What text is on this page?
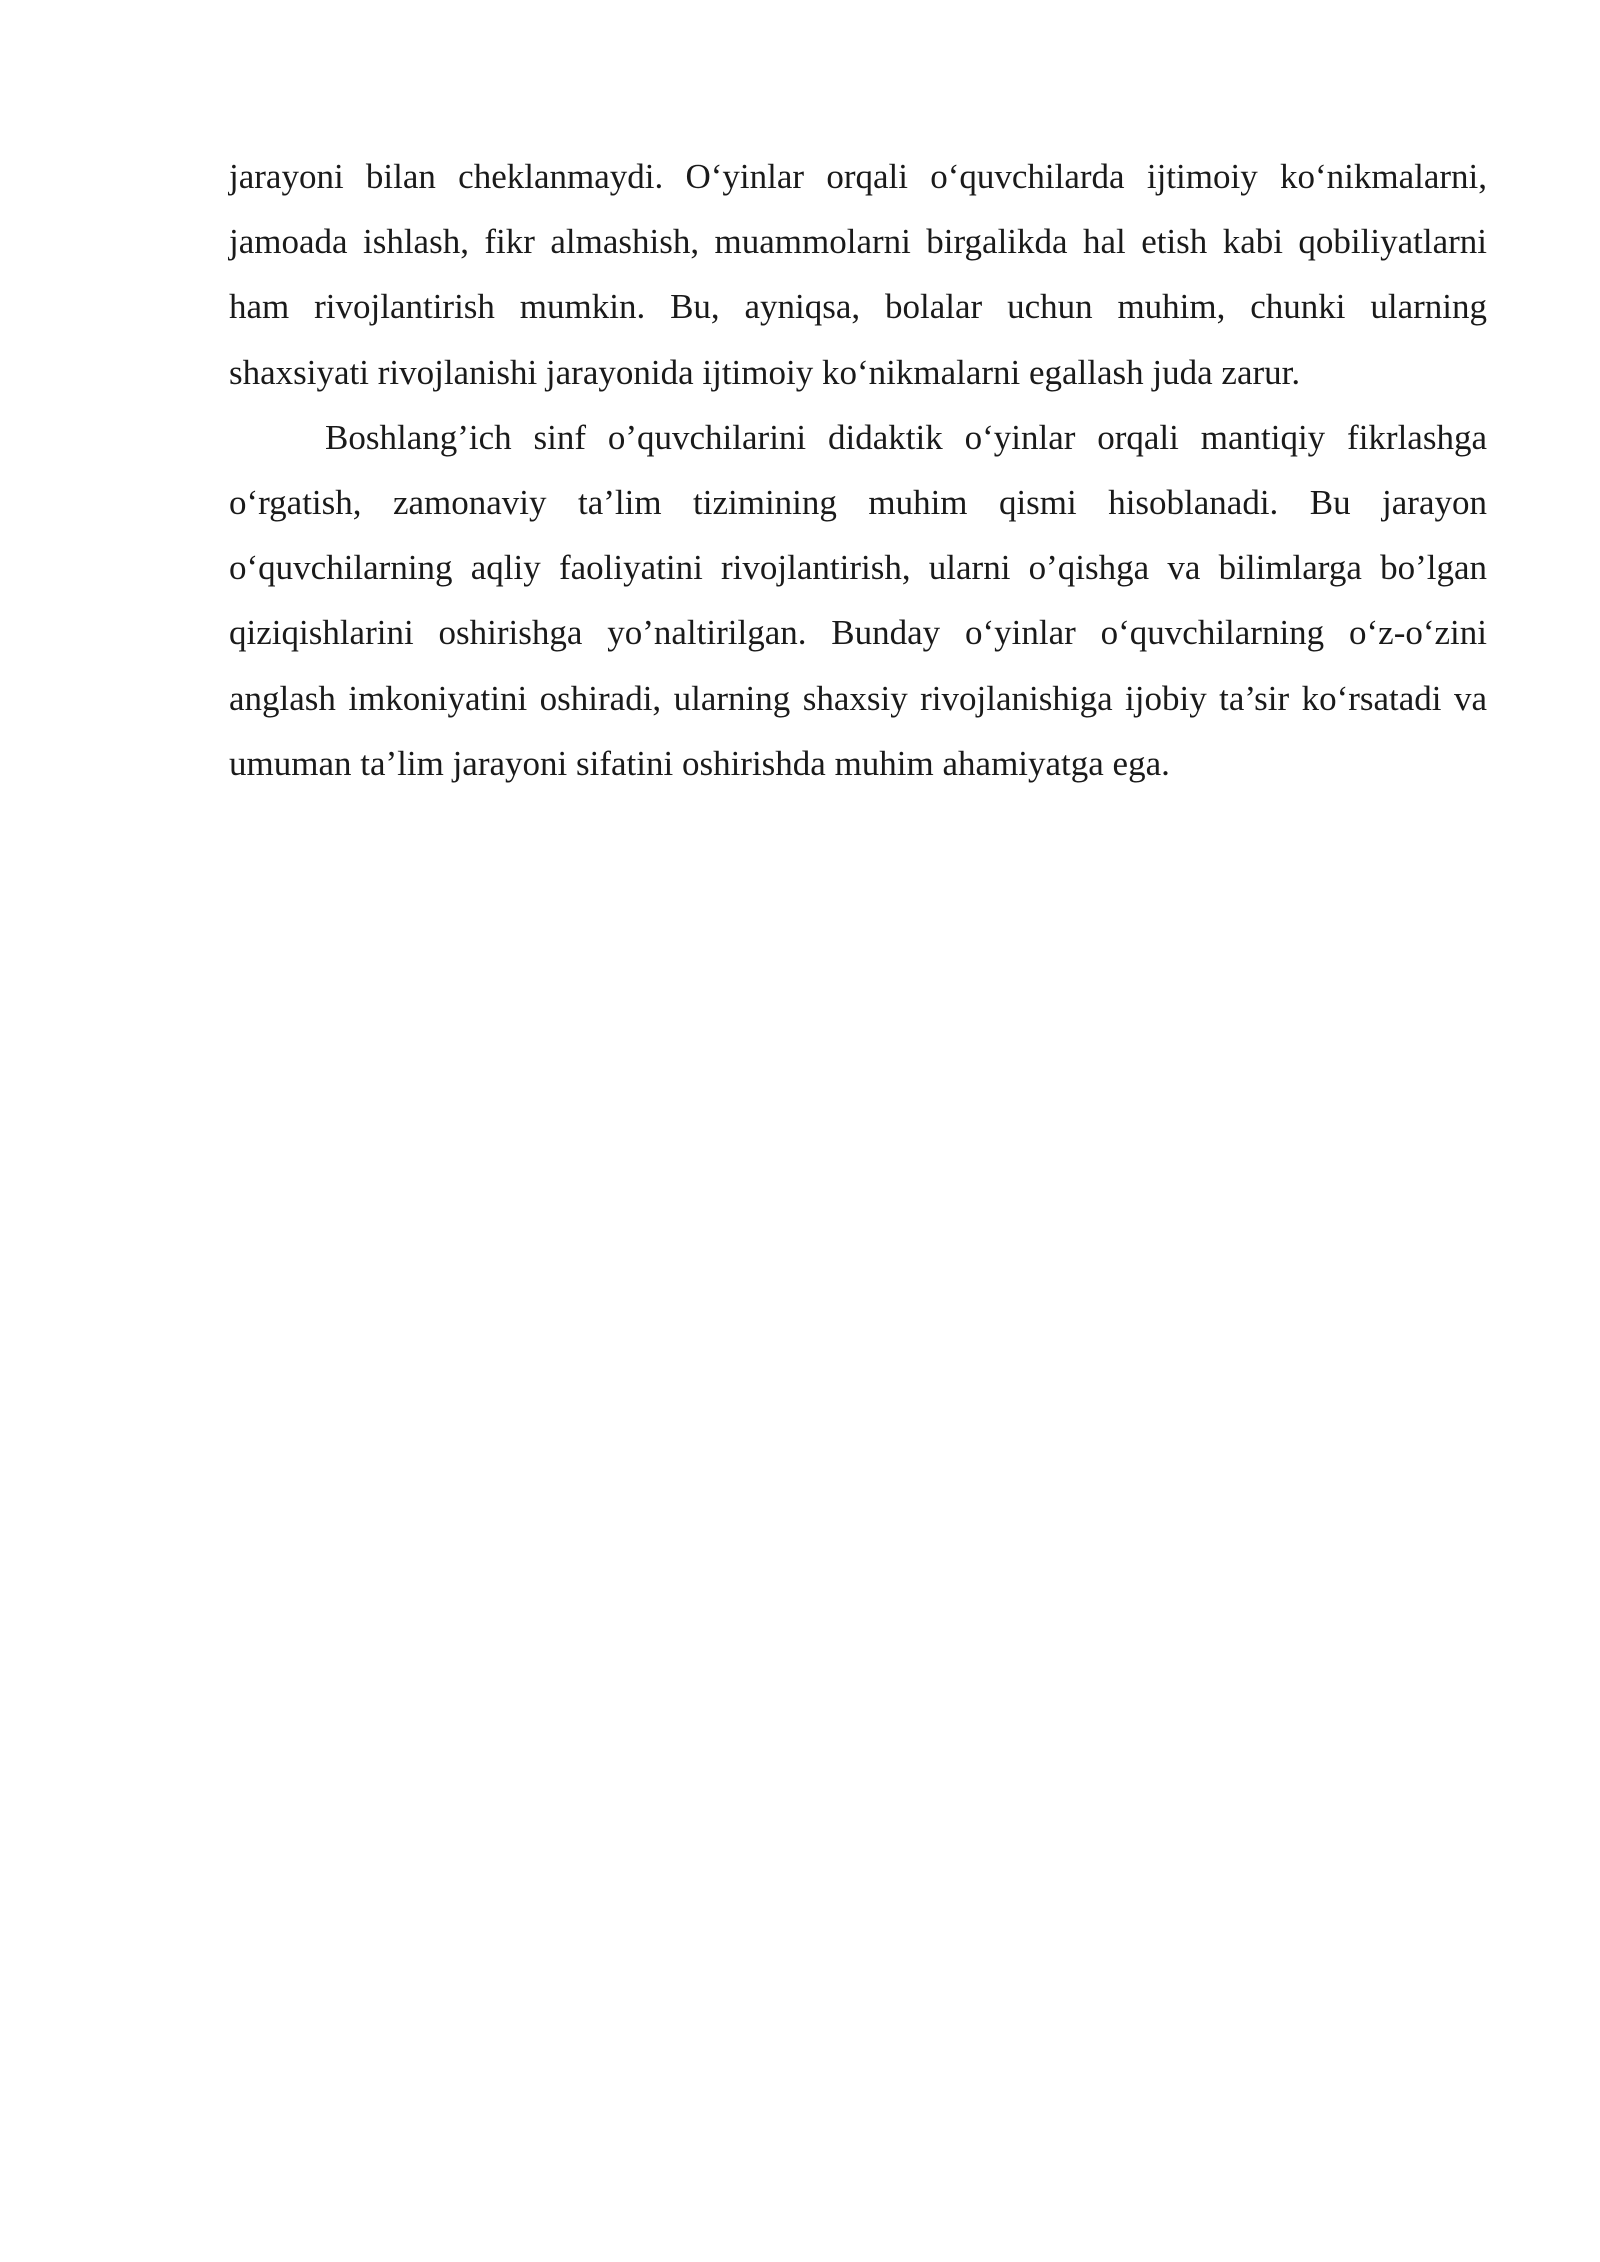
jarayoni bilan cheklanmaydi. O‘yinlar orqali o‘quvchilarda ijtimoiy ko‘nikmalarni, jamoada ishlash, fikr almashish, muammolarni birgalikda hal etish kabi qobiliyatlarni ham rivojlantirish mumkin. Bu, ayniqsa, bolalar uchun muhim, chunki ularning shaxsiyati rivojlanishi jarayonida ijtimoiy ko‘nikmalarni egallash juda zarur.

Boshlang’ich sinf o’quvchilarini didaktik o‘yinlar orqali mantiqiy fikrlashga o‘rgatish, zamonaviy ta’lim tizimining muhim qismi hisoblanadi. Bu jarayon o‘quvchilarning aqliy faoliyatini rivojlantirish, ularni o’qishga va bilimlarga bo’lgan qiziqishlarini oshirishga yo’naltirilgan. Bunday o‘yinlar o‘quvchilarning o‘z-o‘zini anglash imkoniyatini oshiradi, ularning shaxsiy rivojlanishiga ijobiy ta’sir ko‘rsatadi va umuman ta’lim jarayoni sifatini oshirishda muhim ahamiyatga ega.
